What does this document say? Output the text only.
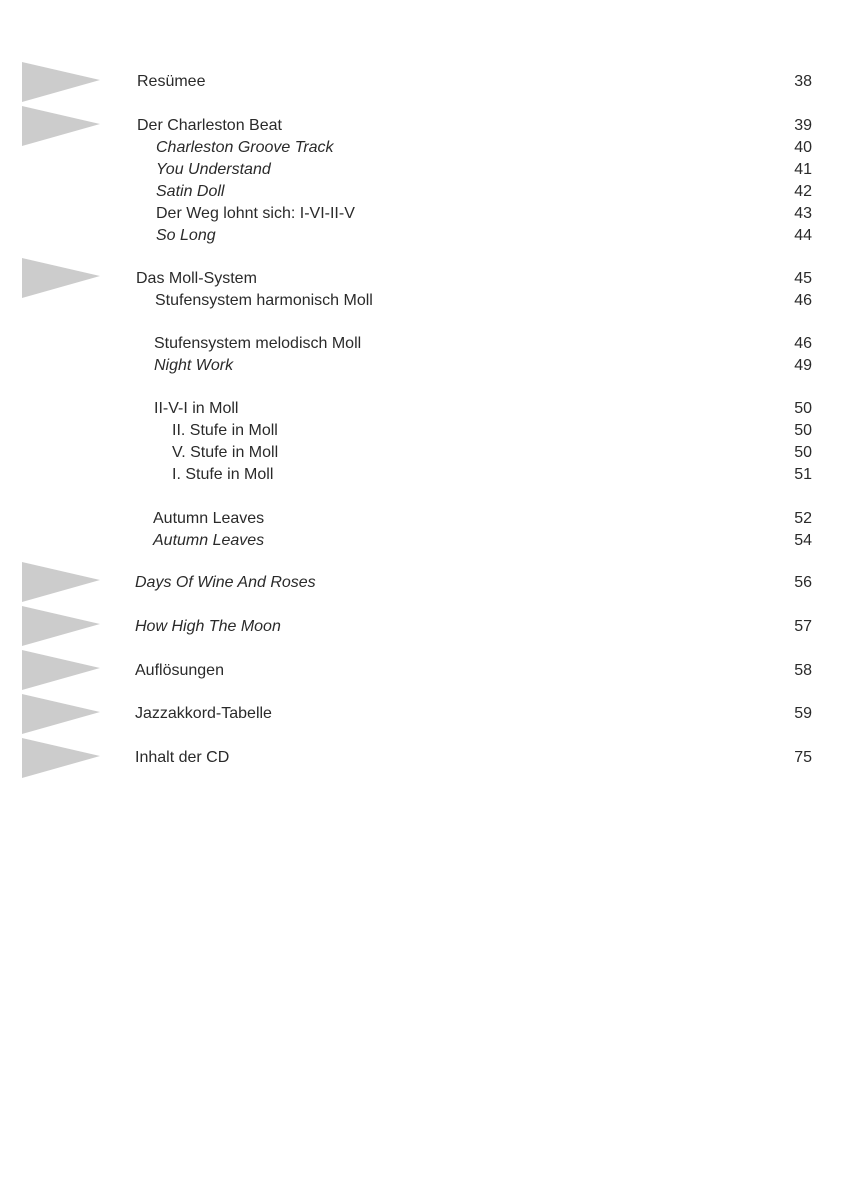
Resümee	38
Der Charleston Beat	39
Charleston Groove Track	40
You Understand	41
Satin Doll	42
Der Weg lohnt sich: I-VI-II-V	43
So Long	44
Das Moll-System	45
Stufensystem harmonisch Moll	46
Stufensystem melodisch Moll	46
Night Work	49
II-V-I in Moll	50
II. Stufe in Moll	50
V. Stufe in Moll	50
I. Stufe in Moll	51
Autumn Leaves	52
Autumn Leaves	54
Days Of Wine And Roses	56
How High The Moon	57
Auflösungen	58
Jazzakkord-Tabelle	59
Inhalt der CD	75
